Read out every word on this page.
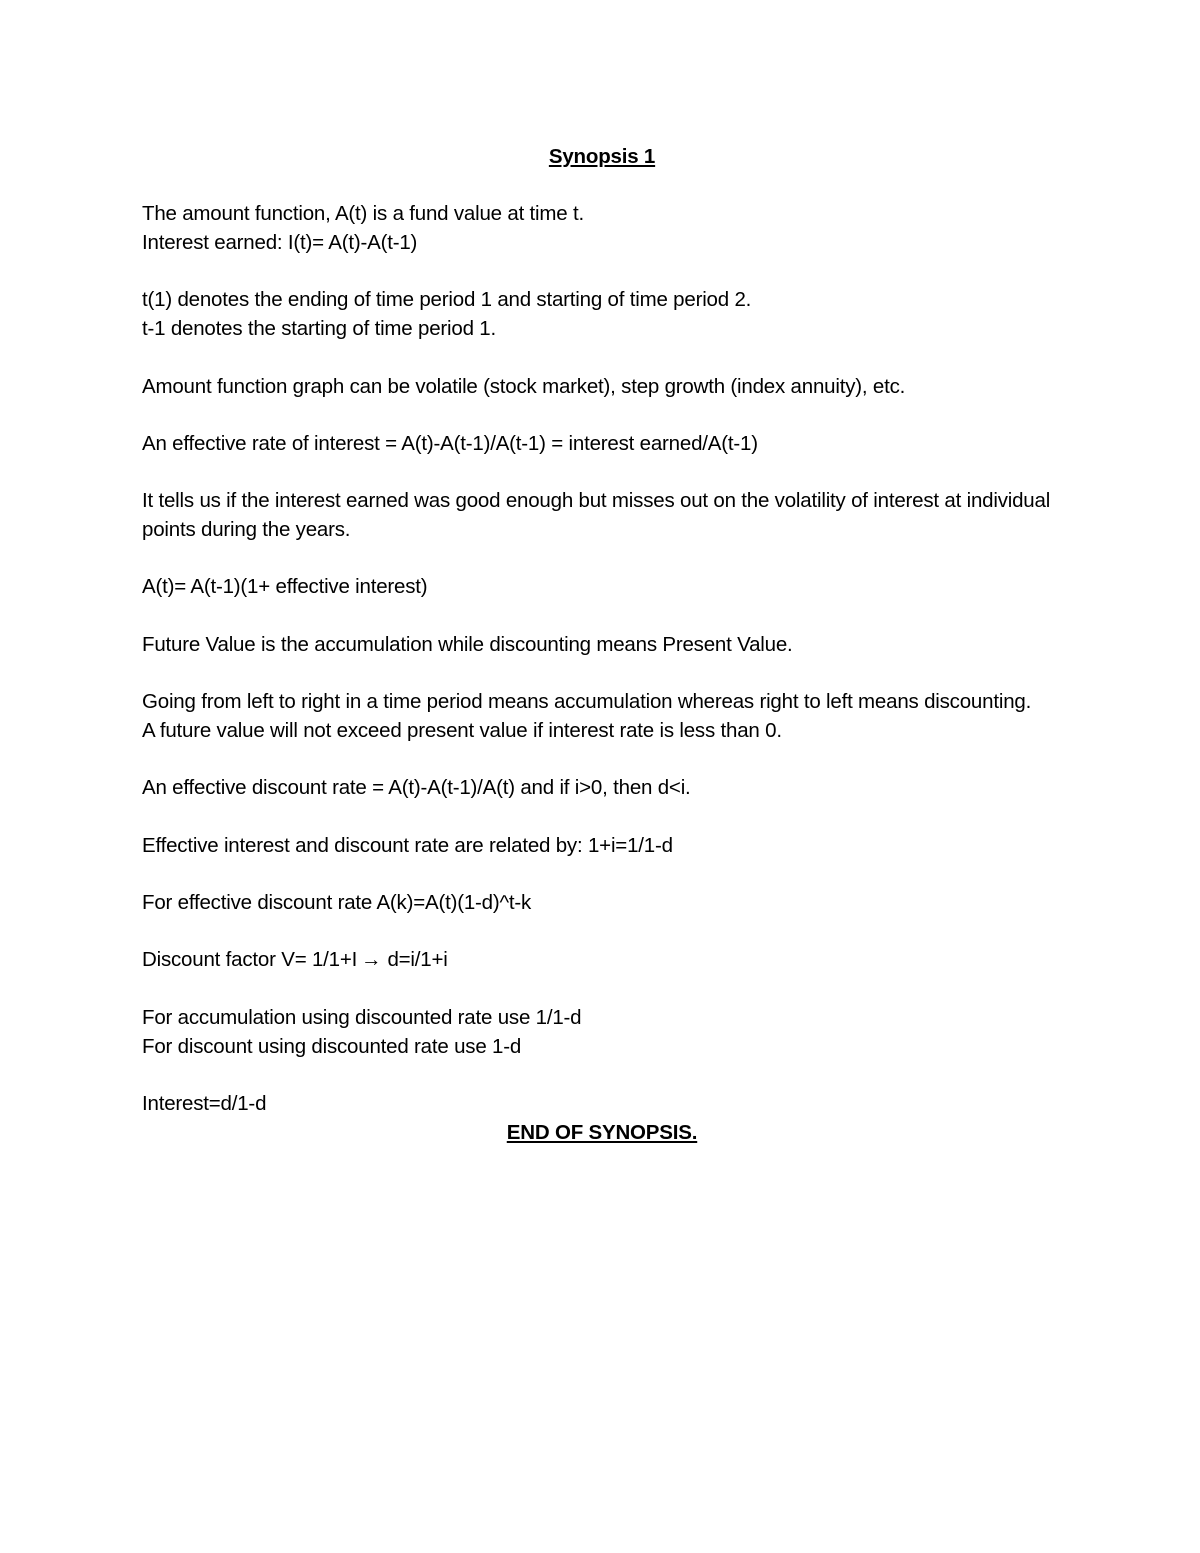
Synopsis 1
The amount function, A(t) is a fund value at time t.
Interest earned: I(t)= A(t)-A(t-1)
t(1) denotes the ending of time period 1 and starting of time period 2.
t-1 denotes the starting of time period 1.
Amount function graph can be volatile (stock market), step growth (index annuity), etc.
An effective rate of interest = A(t)-A(t-1)/A(t-1) = interest earned/A(t-1)
It tells us if the interest earned was good enough but misses out on the volatility of interest at individual points during the years.
A(t)= A(t-1)(1+ effective interest)
Future Value is the accumulation while discounting means Present Value.
Going from left to right in a time period means accumulation whereas right to left means discounting.
A future value will not exceed present value if interest rate is less than 0.
An effective discount rate = A(t)-A(t-1)/A(t) and if i>0, then d<i.
Effective interest and discount rate are related by: 1+i=1/1-d
For effective discount rate A(k)=A(t)(1-d)^t-k
Discount factor V= 1/1+I → d=i/1+i
For accumulation using discounted rate use 1/1-d
For discount using discounted rate use 1-d
Interest=d/1-d
END OF SYNOPSIS.
